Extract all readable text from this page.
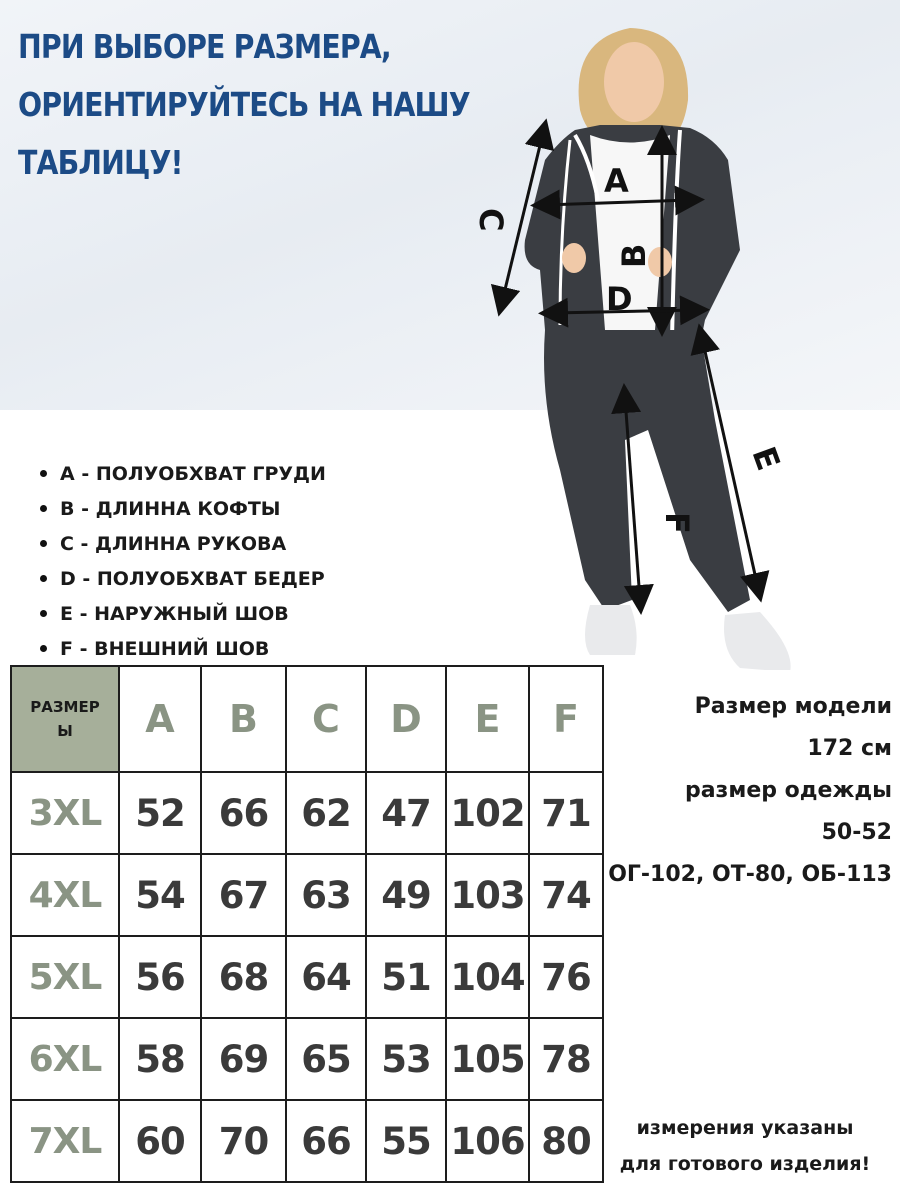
ПРИ ВЫБОРЕ РАЗМЕРА,
ОРИЕНТИРУЙТЕСЬ НА НАШУ
ТАБЛИЦУ!	A
B
C
D
E
F
A - ПОЛУОБХВАТ ГРУДИ
B - ДЛИННА КОФТЫ
C - ДЛИННА РУКОВА
D - ПОЛУОБХВАТ БЕДЕР
E - НАРУЖНЫЙ ШОВ
F - ВНЕШНИЙ ШОВ
РАЗМЕР
Ы	A	B	C	D	E	F
3XL	52	66	62	47	102	71
4XL	54	67	63	49	103	74
5XL	56	68	64	51	104	76
6XL	58	69	65	53	105	78
7XL	60	70	66	55	106	80
Размер модели
172 см
размер одежды
50-52
ОГ-102, ОТ-80, ОБ-113
измерения указаны
для готового изделия!
